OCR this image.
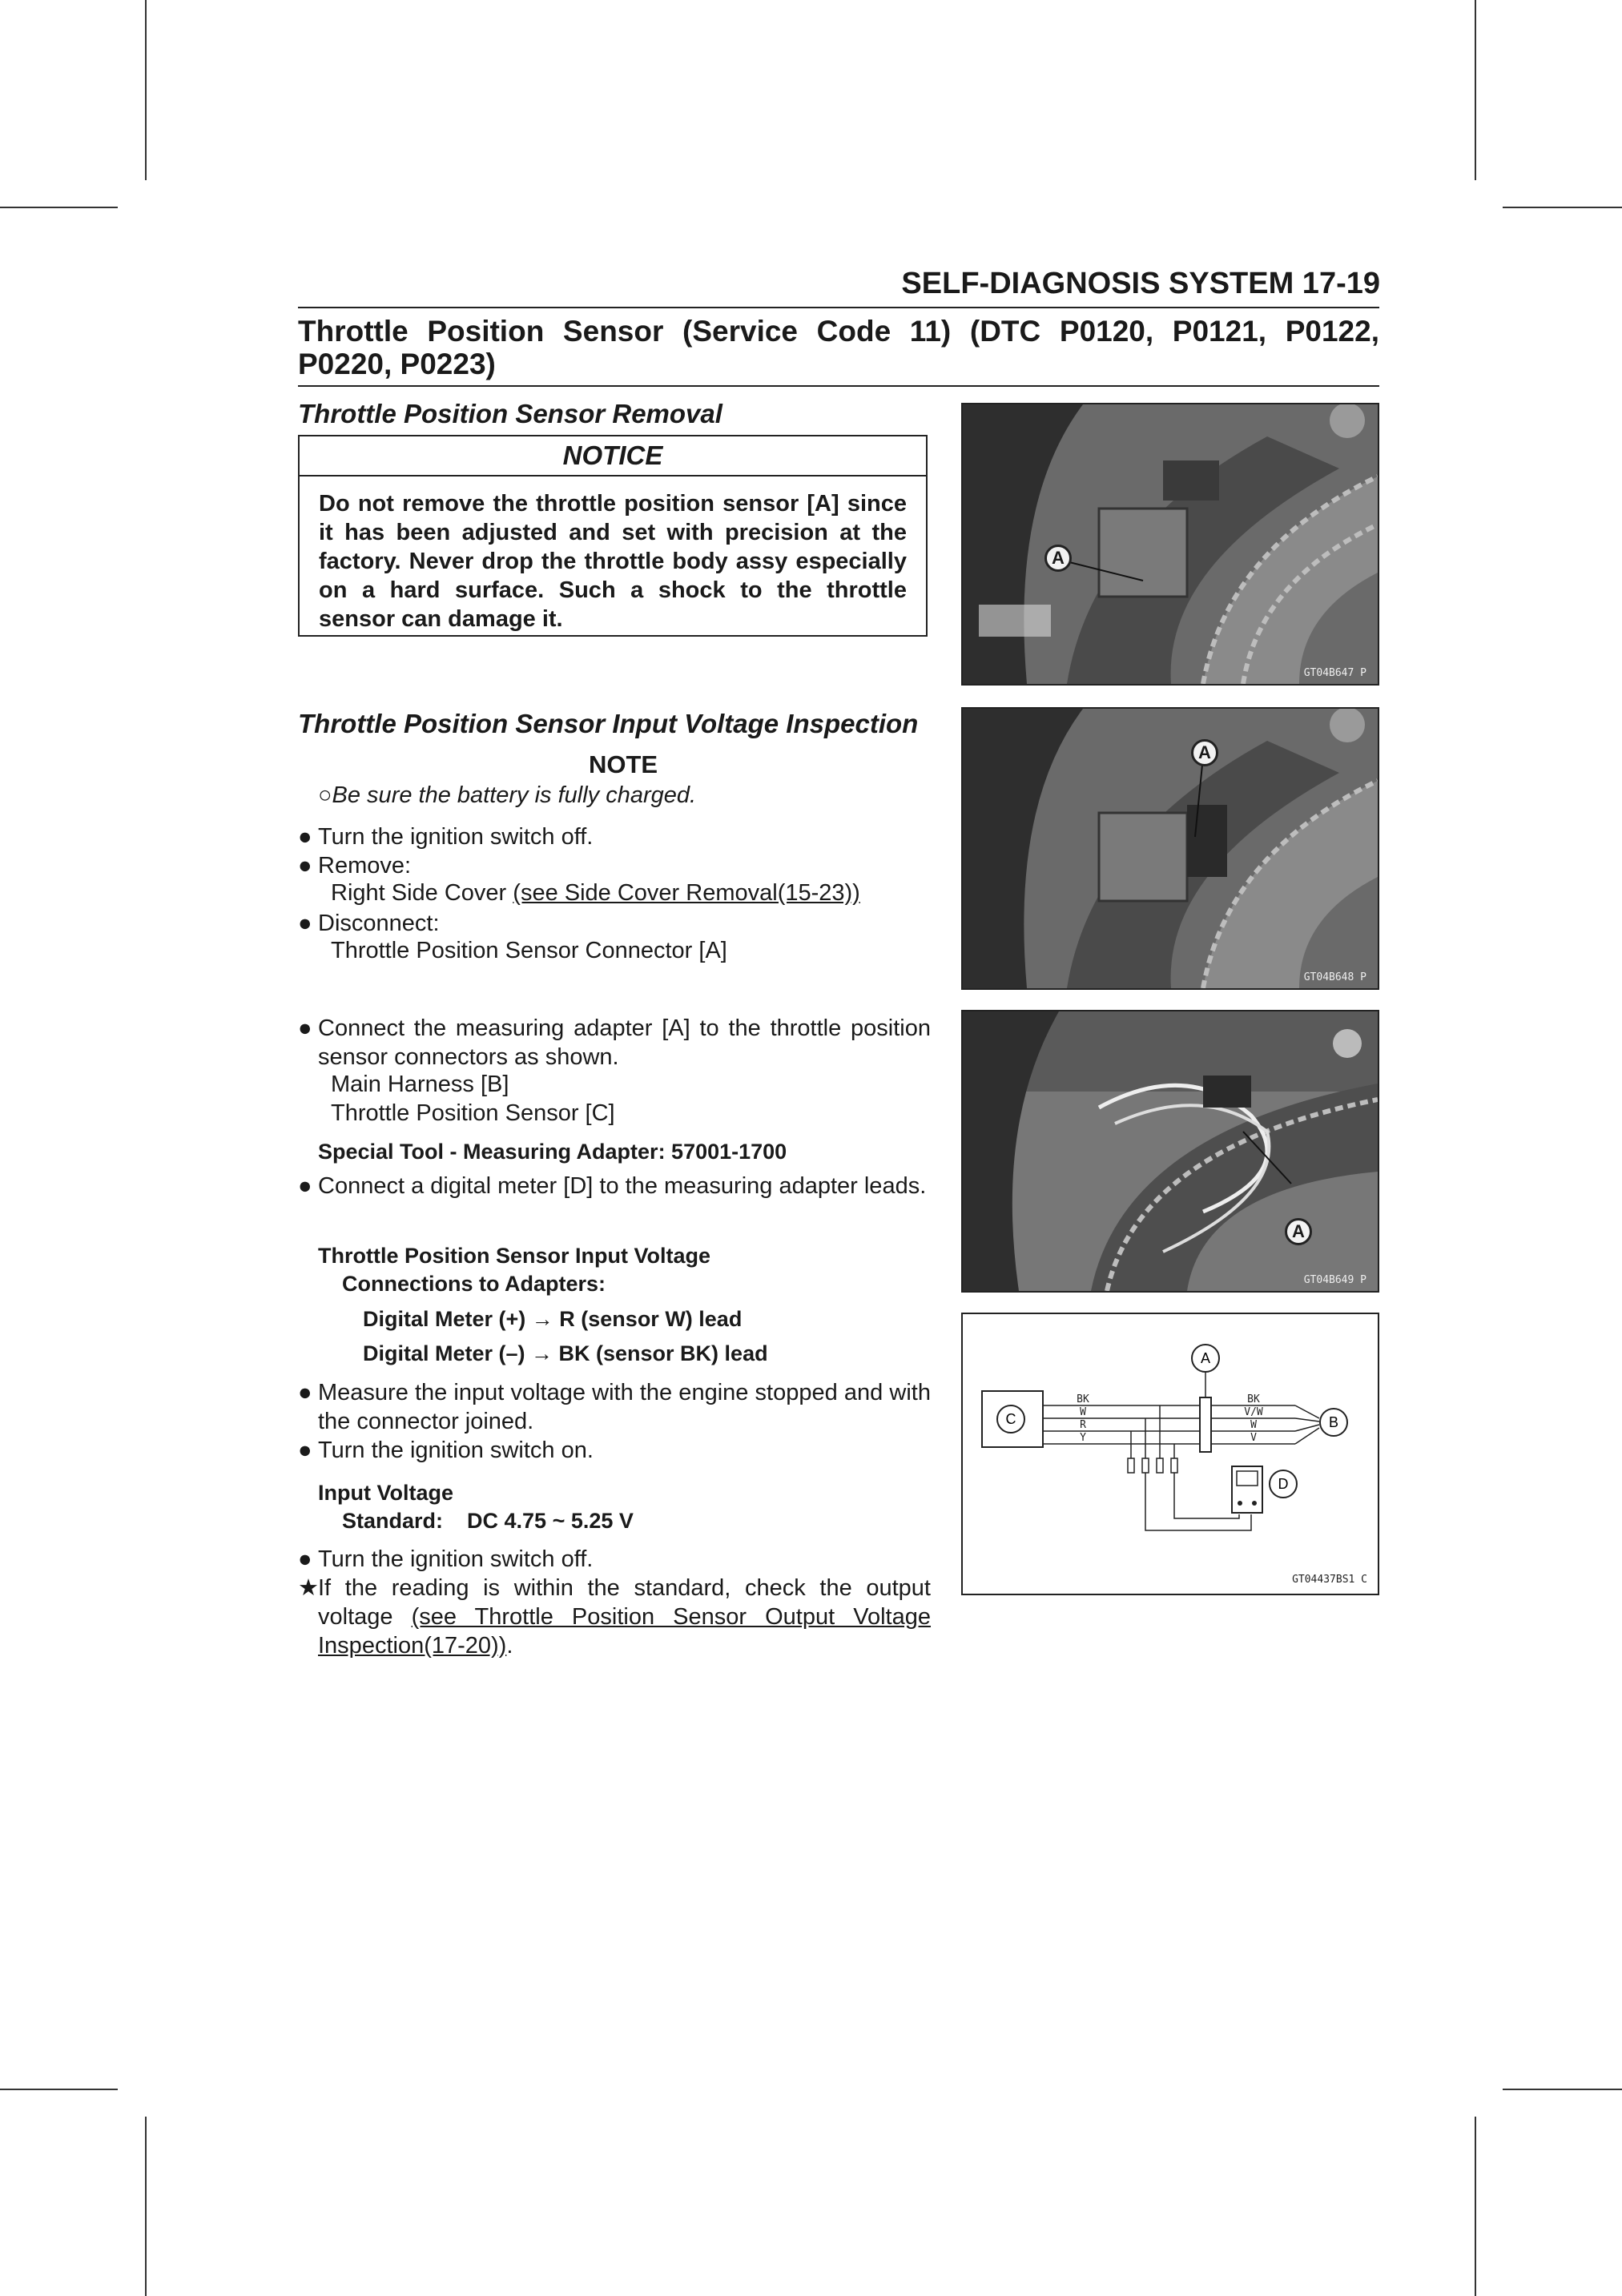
SELF-DIAGNOSIS SYSTEM 17-19
Throttle Position Sensor (Service Code 11) (DTC P0120, P0121, P0122, P0220, P0223)
Throttle Position Sensor Removal
NOTICE
Do not remove the throttle position sensor [A] since it has been adjusted and set with precision at the factory. Never drop the throttle body assy especially on a hard surface. Such a shock to the throttle sensor can damage it.
Throttle Position Sensor Input Voltage Inspection
NOTE
○Be sure the battery is fully charged.
● Turn the ignition switch off.
● Remove:
Right Side Cover (see Side Cover Removal(15-23))
● Disconnect:
Throttle Position Sensor Connector [A]
● Connect the measuring adapter [A] to the throttle position sensor connectors as shown.
Main Harness [B]
Throttle Position Sensor [C]
Special Tool - Measuring Adapter: 57001-1700
● Connect a digital meter [D] to the measuring adapter leads.
Throttle Position Sensor Input Voltage
Connections to Adapters:
Digital Meter (+) → R (sensor W) lead
Digital Meter (–) → BK (sensor BK) lead
● Measure the input voltage with the engine stopped and with the connector joined.
● Turn the ignition switch on.
Input Voltage
Standard:    DC 4.75 ~ 5.25 V
● Turn the ignition switch off.
★ If the reading is within the standard, check the output voltage (see Throttle Position Sensor Output Voltage Inspection(17-20)).
A
GT04B647 P
A
GT04B648 P
A
GT04B649 P
C
BK
W
R
Y
A
BK
V/W
W
V
B
D
GT04437BS1 C
